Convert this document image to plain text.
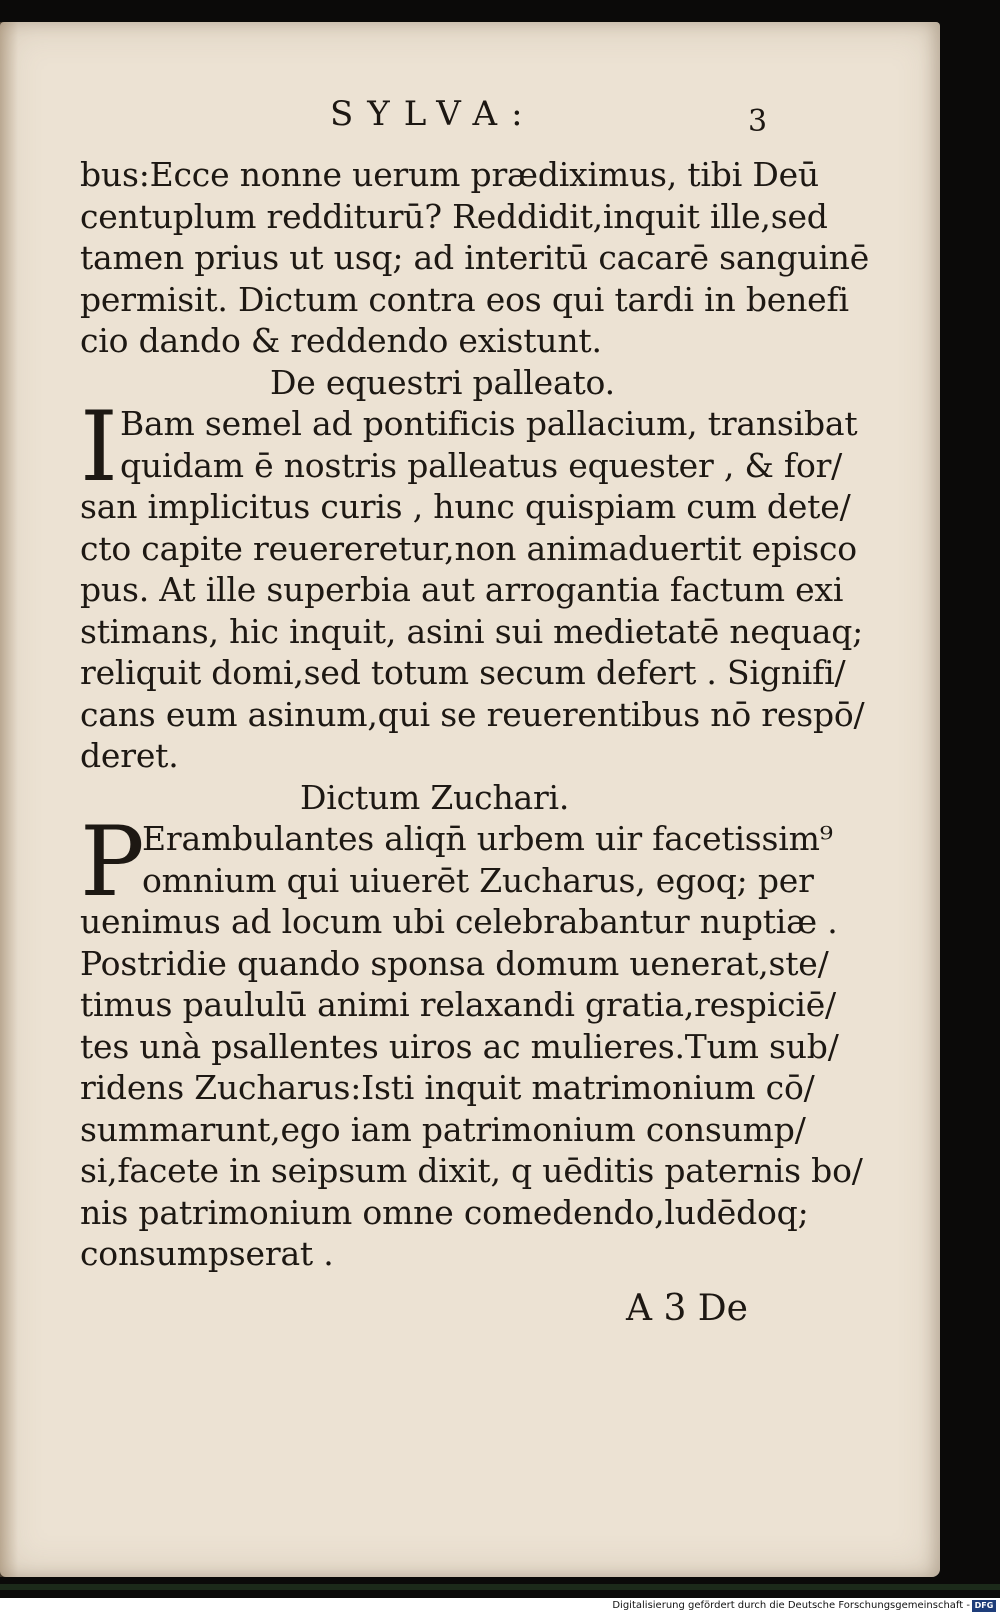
SYLVA:	3
bus:Ecce nonne uerum prædiximus, tibi Deū
centuplum redditurū? Reddidit,inquit ille,sed
tamen prius ut usq; ad interitū cacarē sanguinē
permisit. Dictum contra eos qui tardi in benefi
cio dando & reddendo existunt.
De equestri palleato.
I Bam semel ad pontificis pallacium, transibat
quidam ē nostris palleatus equester , & for/
san implicitus curis , hunc quispiam cum dete/
cto capite reuereretur,non animaduertit episco
pus. At ille superbia aut arrogantia factum exi
stimans, hic inquit, asini sui medietatē nequaq;
reliquit domi,sed totum secum defert . Signifi/
cans eum asinum,qui se reuerentibus nō respō/
deret.
Dictum Zuchari.
P
Erambulantes aliqn̄ urbem uir facetissim⁹
omnium qui uiuerēt Zucharus, egoq; per
uenimus ad locum ubi celebrabantur nuptiæ .
Postridie quando sponsa domum uenerat,ste/
timus paululū animi relaxandi gratia,respiciē/
tes unà psallentes uiros ac mulieres.Tum sub/
ridens Zucharus:Isti inquit matrimonium cō/
summarunt,ego iam patrimonium consump/
si,facete in seipsum dixit, q uēditis paternis bo/
nis patrimonium omne comedendo,ludēdoq;
consumpserat .
A 3 De
Digitalisierung gefördert durch die Deutsche Forschungsgemeinschaft - DFG
